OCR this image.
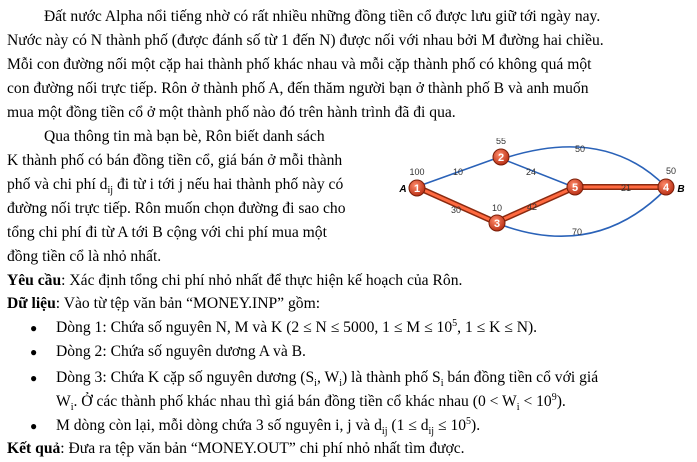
Đất nước Alpha nổi tiếng nhờ có rất nhiều những đồng tiền cổ được lưu giữ tới ngày nay.
Nước này có N thành phố (được đánh số từ 1 đến N) được nối với nhau bởi M đường hai chiều.
Mỗi con đường nối một cặp hai thành phố khác nhau và mỗi cặp thành phố có không quá một
con đường nối trực tiếp. Rôn ở thành phố A, đến thăm người bạn ở thành phố B và anh muốn
mua một đồng tiền cổ ở một thành phố nào đó trên hành trình đã đi qua.
Qua thông tin mà bạn bè, Rôn biết danh sách
K thành phố có bán đồng tiền cổ, giá bán ở mỗi thành
phố và chi phí $d_{ij}$ đi từ i tới j nếu hai thành phố này có
đường nối trực tiếp. Rôn muốn chọn đường đi sao cho
tổng chi phí đi từ A tới B cộng với chi phí mua một
đồng tiền cổ là nhỏ nhất.
10
30
24
50
42
21
70
1
100
A
2
55
3
10
5	4
50
B
Yêu cầu: Xác định tổng chi phí nhỏ nhất để thực hiện kế hoạch của Rôn.
Dữ liệu: Vào từ tệp văn bản “MONEY.INP” gồm:
● Dòng 1: Chứa số nguyên N, M và K (2 ≤ N ≤ 5000, $1 \le M \le 10^5$, 1 ≤ K ≤ N).
● Dòng 2: Chứa số nguyên dương A và B.
● Dòng 3: Chứa K cặp số nguyên dương ($S_i$, $W_i$) là thành phố $S_i$ bán đồng tiền cổ với giá
$W_i$. Ở các thành phố khác nhau thì giá bán đồng tiền cổ khác nhau $(0 < W_i < 10^9)$.
● M dòng còn lại, mỗi dòng chứa 3 số nguyên i, j và $d_{ij}$ $(1 \le d_{ij} \le 10^5)$.
Kết quả: Đưa ra tệp văn bản “MONEY.OUT” chi phí nhỏ nhất tìm được.
